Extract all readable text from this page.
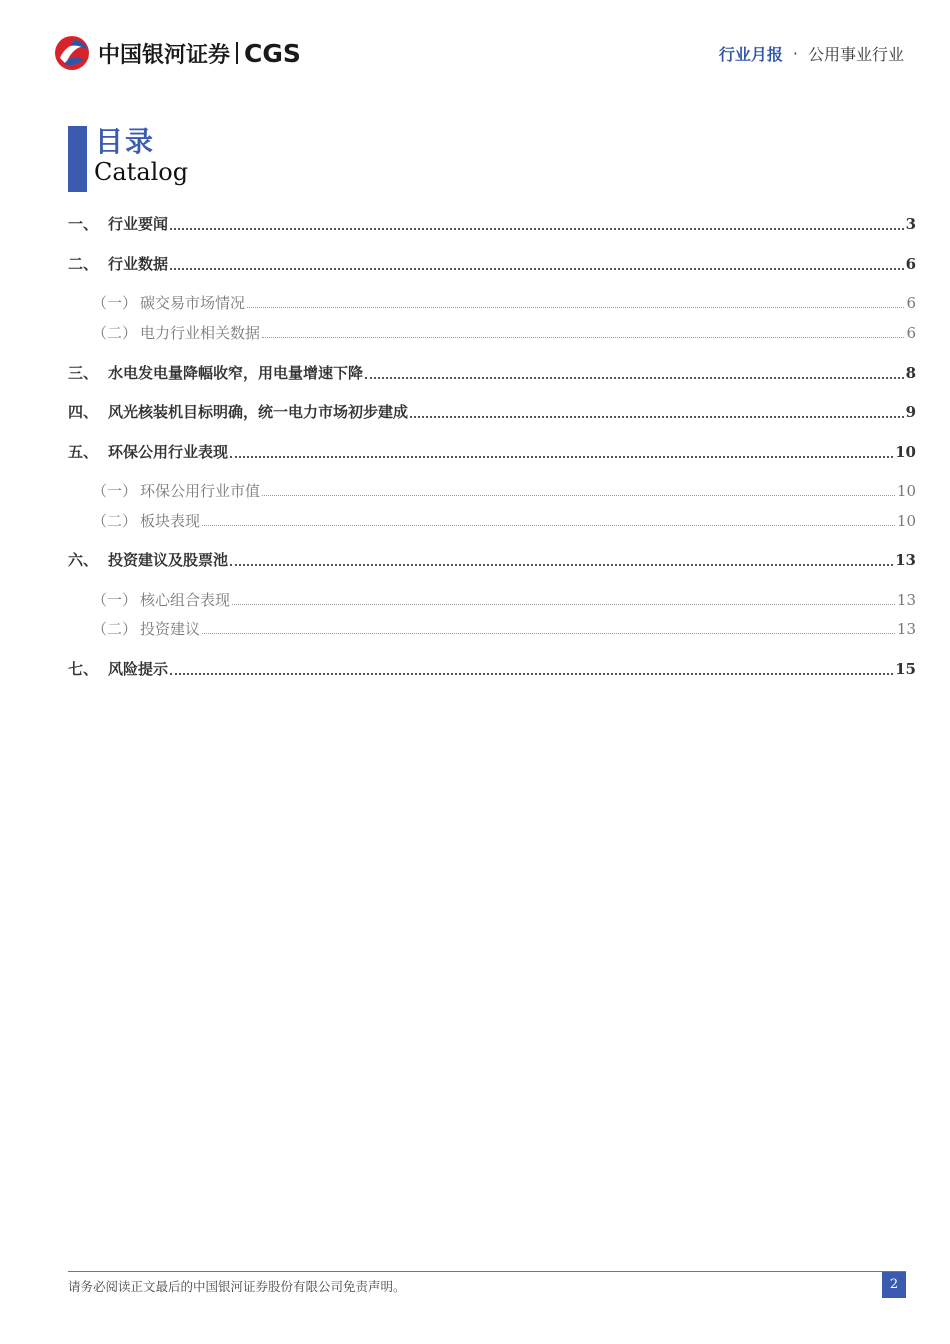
中国银河证券 CGS	行业月报 · 公用事业行业
目录
Catalog
一、 行业要闻	3
二、 行业数据	6
（一） 碳交易市场情况	6
（二） 电力行业相关数据	6
三、 水电发电量降幅收窄，用电量增速下降	8
四、 风光核装机目标明确，统一电力市场初步建成	9
五、 环保公用行业表现	10
（一） 环保公用行业市值	10
（二） 板块表现	10
六、 投资建议及股票池	13
（一） 核心组合表现	13
（二） 投资建议	13
七、 风险提示	15
请务必阅读正文最后的中国银河证券股份有限公司免责声明。	2
